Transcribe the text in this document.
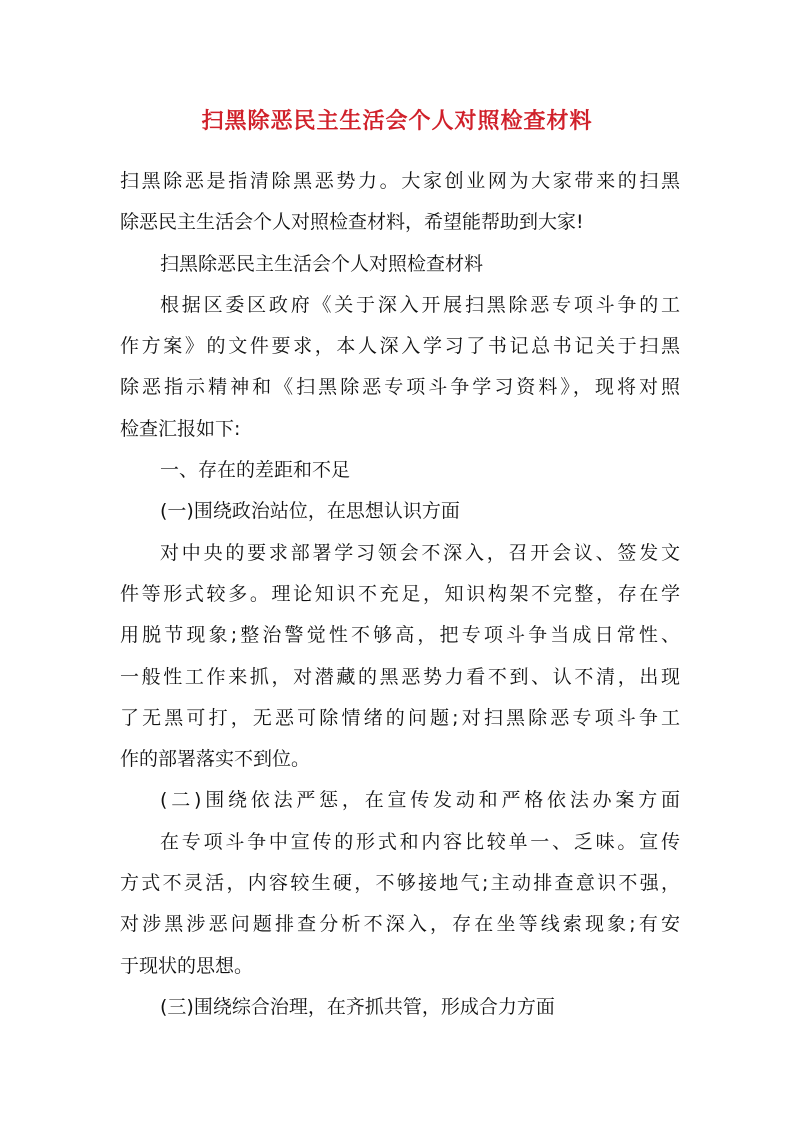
扫黑除恶民主生活会个人对照检查材料
扫黑除恶是指清除黑恶势力。大家创业网为大家带来的扫黑
除恶民主生活会个人对照检查材料，希望能帮助到大家!
扫黑除恶民主生活会个人对照检查材料
根据区委区政府《关于深入开展扫黑除恶专项斗争的工
作方案》的文件要求，本人深入学习了书记总书记关于扫黑
除恶指示精神和《扫黑除恶专项斗争学习资料》，现将对照
检查汇报如下:
一、存在的差距和不足
(一)围绕政治站位，在思想认识方面
对中央的要求部署学习领会不深入，召开会议、签发文
件等形式较多。理论知识不充足，知识构架不完整，存在学
用脱节现象;整治警觉性不够高，把专项斗争当成日常性、
一般性工作来抓，对潜藏的黑恶势力看不到、认不清，出现
了无黑可打，无恶可除情绪的问题;对扫黑除恶专项斗争工
作的部署落实不到位。
(二)围绕依法严惩，在宣传发动和严格依法办案方面
在专项斗争中宣传的形式和内容比较单一、乏味。宣传
方式不灵活，内容较生硬，不够接地气;主动排查意识不强，
对涉黑涉恶问题排查分析不深入，存在坐等线索现象;有安
于现状的思想。
(三)围绕综合治理，在齐抓共管，形成合力方面
